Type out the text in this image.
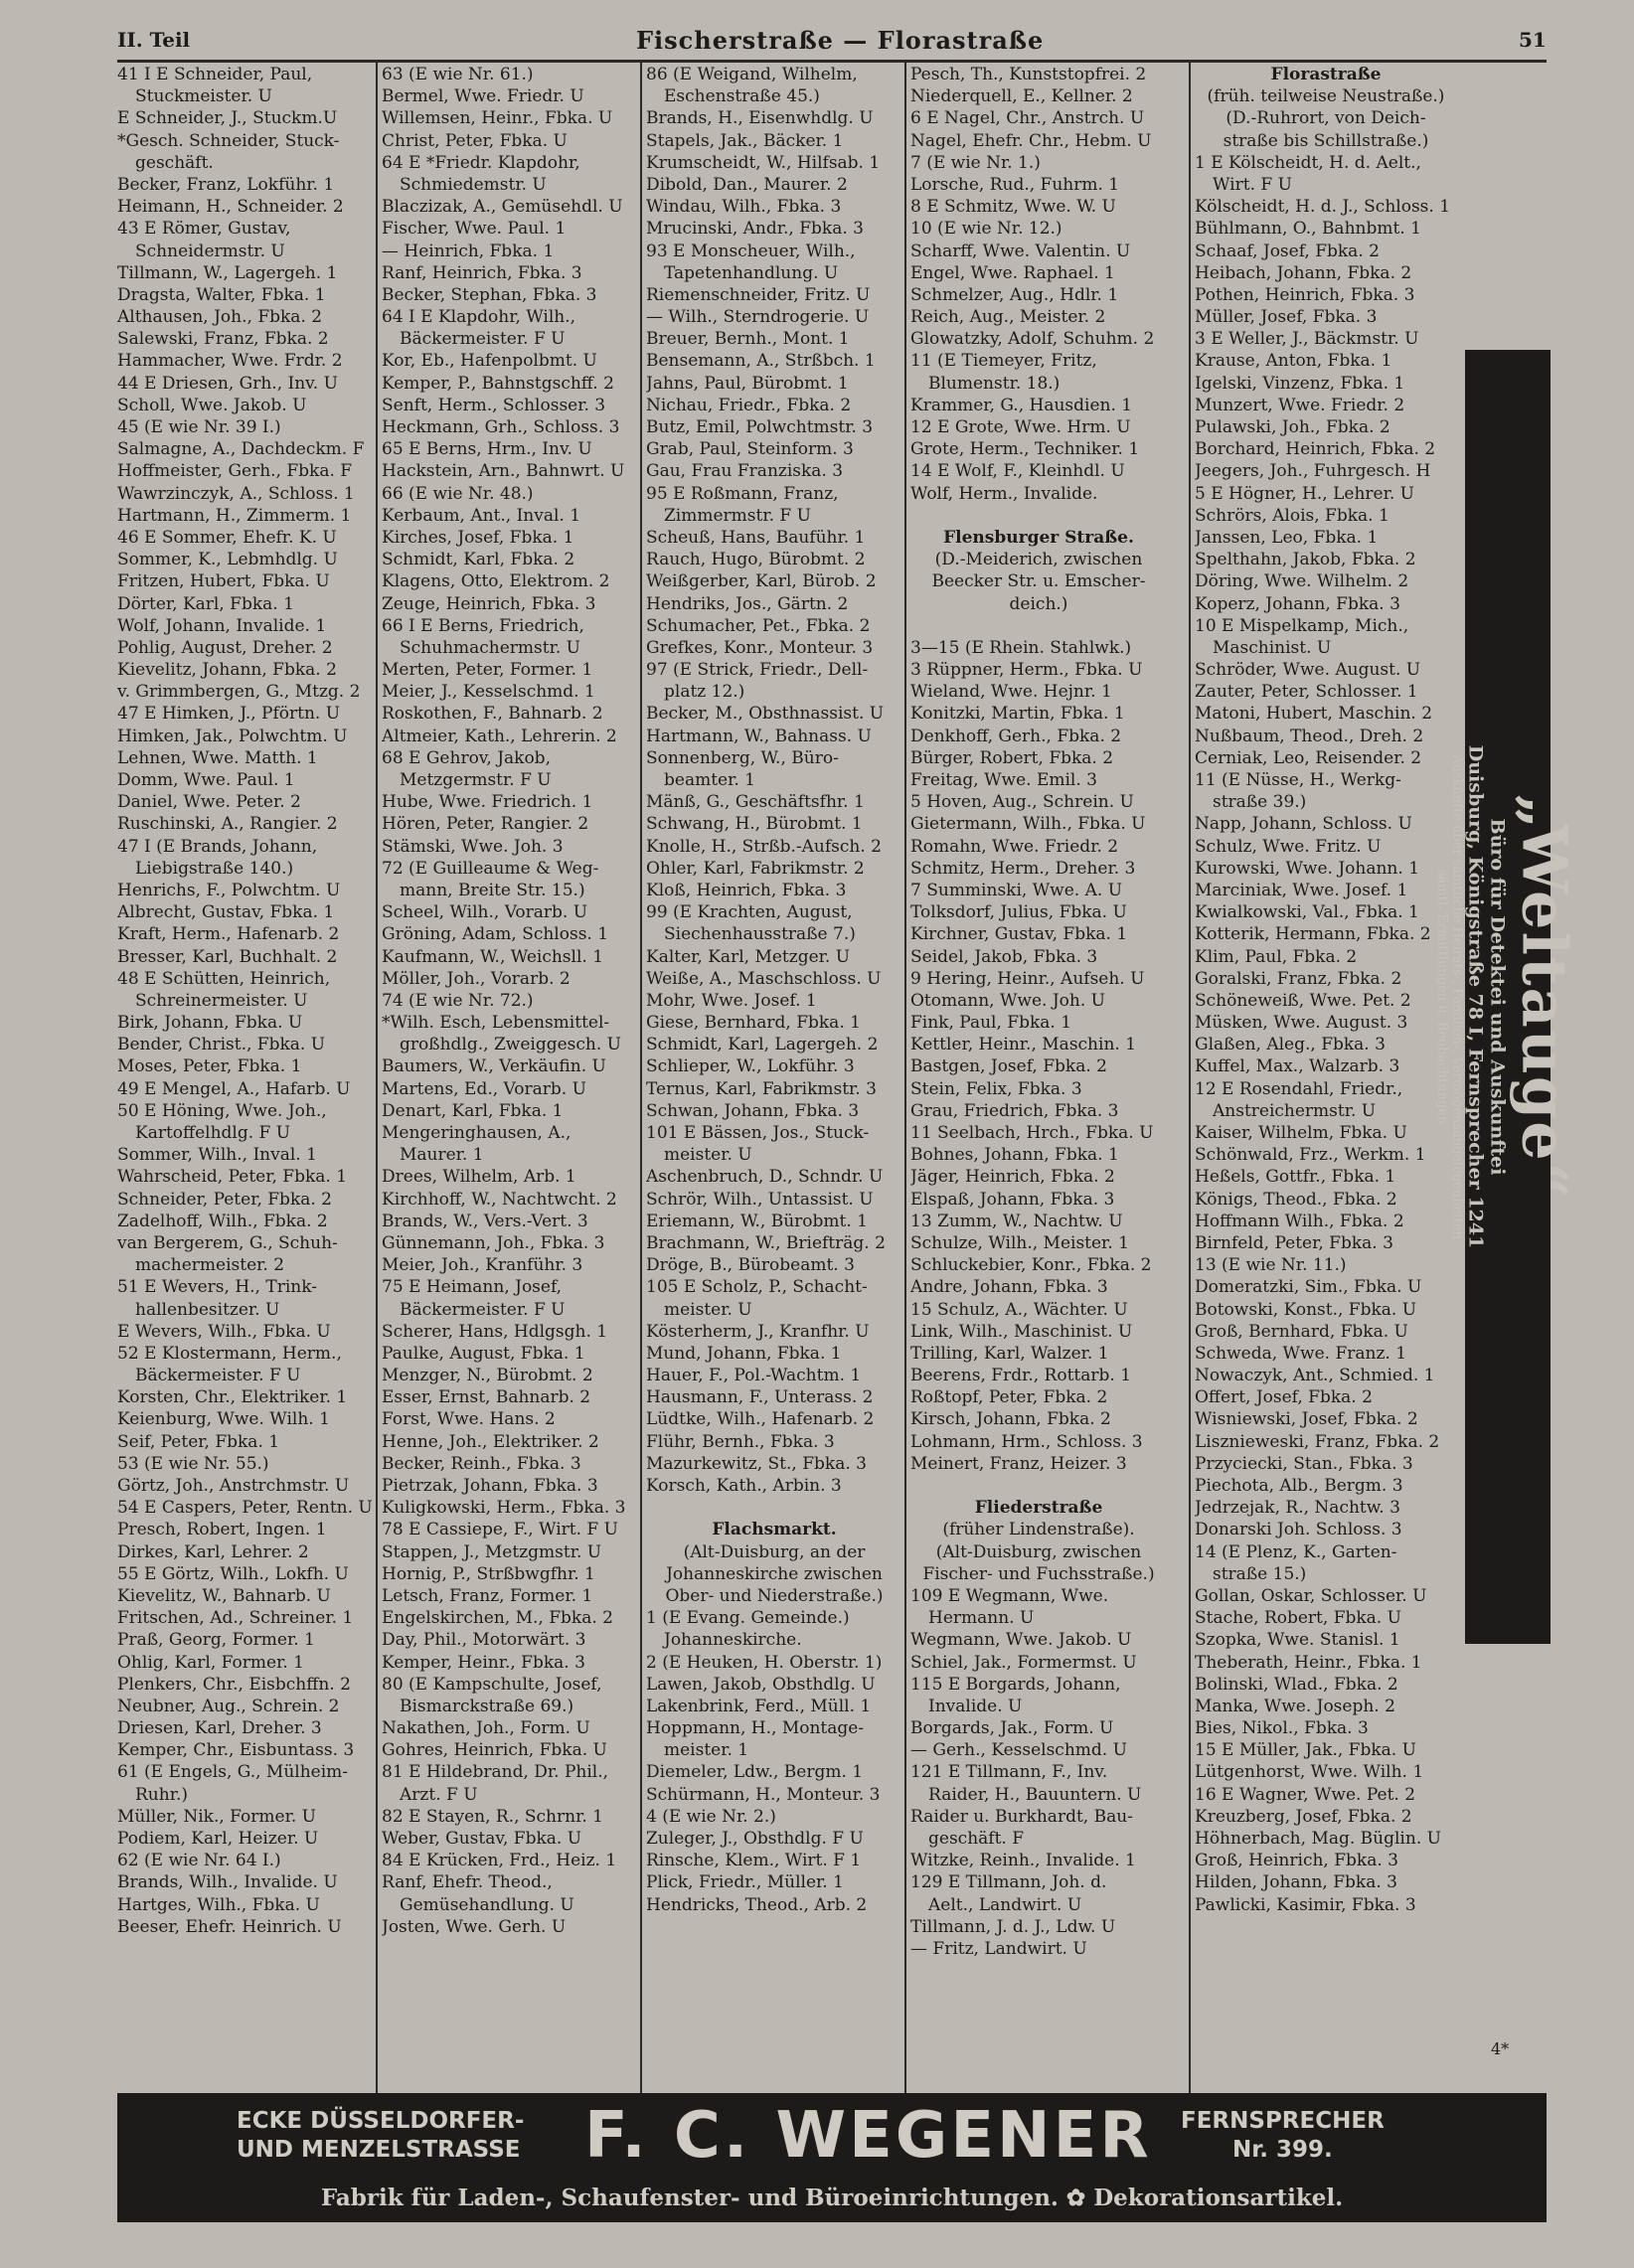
II. Teil	Fischerstraße — Florastraße	51
41 I E Schneider, Paul,
Stuckmeister. U
E Schneider, J., Stuckm.U
*Gesch. Schneider, Stuck-
geschäft.
Becker, Franz, Lokführ. 1
Heimann, H., Schneider. 2
43 E Römer, Gustav,
Schneidermstr. U
Tillmann, W., Lagergeh. 1
Dragsta, Walter, Fbka. 1
Althausen, Joh., Fbka. 2
Salewski, Franz, Fbka. 2
Hammacher, Wwe. Frdr. 2
44 E Driesen, Grh., Inv. U
Scholl, Wwe. Jakob. U
45 (E wie Nr. 39 I.)
Salmagne, A., Dachdeckm. F
Hoffmeister, Gerh., Fbka. F
Wawrzinczyk, A., Schloss. 1
Hartmann, H., Zimmerm. 1
46 E Sommer, Ehefr. K. U
Sommer, K., Lebmhdlg. U
Fritzen, Hubert, Fbka. U
Dörter, Karl, Fbka. 1
Wolf, Johann, Invalide. 1
Pohlig, August, Dreher. 2
Kievelitz, Johann, Fbka. 2
v. Grimmbergen, G., Mtzg. 2
47 E Himken, J., Pförtn. U
Himken, Jak., Polwchtm. U
Lehnen, Wwe. Matth. 1
Domm, Wwe. Paul. 1
Daniel, Wwe. Peter. 2
Ruschinski, A., Rangier. 2
47 I (E Brands, Johann,
Liebigstraße 140.)
Henrichs, F., Polwchtm. U
Albrecht, Gustav, Fbka. 1
Kraft, Herm., Hafenarb. 2
Bresser, Karl, Buchhalt. 2
48 E Schütten, Heinrich,
Schreinermeister. U
Birk, Johann, Fbka. U
Bender, Christ., Fbka. U
Moses, Peter, Fbka. 1
49 E Mengel, A., Hafarb. U
50 E Höning, Wwe. Joh.,
Kartoffelhdlg. F U
Sommer, Wilh., Inval. 1
Wahrscheid, Peter, Fbka. 1
Schneider, Peter, Fbka. 2
Zadelhoff, Wilh., Fbka. 2
van Bergerem, G., Schuh-
machermeister. 2
51 E Wevers, H., Trink-
hallenbesitzer. U
E Wevers, Wilh., Fbka. U
52 E Klostermann, Herm.,
Bäckermeister. F U
Korsten, Chr., Elektriker. 1
Keienburg, Wwe. Wilh. 1
Seif, Peter, Fbka. 1
53 (E wie Nr. 55.)
Görtz, Joh., Anstrchmstr. U
54 E Caspers, Peter, Rentn. U
Presch, Robert, Ingen. 1
Dirkes, Karl, Lehrer. 2
55 E Görtz, Wilh., Lokfh. U
Kievelitz, W., Bahnarb. U
Fritschen, Ad., Schreiner. 1
Praß, Georg, Former. 1
Ohlig, Karl, Former. 1
Plenkers, Chr., Eisbchffn. 2
Neubner, Aug., Schrein. 2
Driesen, Karl, Dreher. 3
Kemper, Chr., Eisbuntass. 3
61 (E Engels, G., Mülheim-
Ruhr.)
Müller, Nik., Former. U
Podiem, Karl, Heizer. U
62 (E wie Nr. 64 I.)
Brands, Wilh., Invalide. U
Hartges, Wilh., Fbka. U
Beeser, Ehefr. Heinrich. U
63 (E wie Nr. 61.)
Bermel, Wwe. Friedr. U
Willemsen, Heinr., Fbka. U
Christ, Peter, Fbka. U
64 E *Friedr. Klapdohr,
Schmiedemstr. U
Blaczizak, A., Gemüsehdl. U
Fischer, Wwe. Paul. 1
— Heinrich, Fbka. 1
Ranf, Heinrich, Fbka. 3
Becker, Stephan, Fbka. 3
64 I E Klapdohr, Wilh.,
Bäckermeister. F U
Kor, Eb., Hafenpolbmt. U
Kemper, P., Bahnstgschff. 2
Senft, Herm., Schlosser. 3
Heckmann, Grh., Schloss. 3
65 E Berns, Hrm., Inv. U
Hackstein, Arn., Bahnwrt. U
66 (E wie Nr. 48.)
Kerbaum, Ant., Inval. 1
Kirches, Josef, Fbka. 1
Schmidt, Karl, Fbka. 2
Klagens, Otto, Elektrom. 2
Zeuge, Heinrich, Fbka. 3
66 I E Berns, Friedrich,
Schuhmachermstr. U
Merten, Peter, Former. 1
Meier, J., Kesselschmd. 1
Roskothen, F., Bahnarb. 2
Altmeier, Kath., Lehrerin. 2
68 E Gehrov, Jakob,
Metzgermstr. F U
Hube, Wwe. Friedrich. 1
Hören, Peter, Rangier. 2
Stämski, Wwe. Joh. 3
72 (E Guilleaume & Weg-
mann, Breite Str. 15.)
Scheel, Wilh., Vorarb. U
Gröning, Adam, Schloss. 1
Kaufmann, W., Weichsll. 1
Möller, Joh., Vorarb. 2
74 (E wie Nr. 72.)
*Wilh. Esch, Lebensmittel-
großhdlg., Zweiggesch. U
Baumers, W., Verkäufin. U
Martens, Ed., Vorarb. U
Denart, Karl, Fbka. 1
Mengeringhausen, A.,
Maurer. 1
Drees, Wilhelm, Arb. 1
Kirchhoff, W., Nachtwcht. 2
Brands, W., Vers.-Vert. 3
Günnemann, Joh., Fbka. 3
Meier, Joh., Kranführ. 3
75 E Heimann, Josef,
Bäckermeister. F U
Scherer, Hans, Hdlgsgh. 1
Paulke, August, Fbka. 1
Menzger, N., Bürobmt. 2
Esser, Ernst, Bahnarb. 2
Forst, Wwe. Hans. 2
Henne, Joh., Elektriker. 2
Becker, Reinh., Fbka. 3
Pietrzak, Johann, Fbka. 3
Kuligkowski, Herm., Fbka. 3
78 E Cassiepe, F., Wirt. F U
Stappen, J., Metzgmstr. U
Hornig, P., Strßbwgfhr. 1
Letsch, Franz, Former. 1
Engelskirchen, M., Fbka. 2
Day, Phil., Motorwärt. 3
Kemper, Heinr., Fbka. 3
80 (E Kampschulte, Josef,
Bismarckstraße 69.)
Nakathen, Joh., Form. U
Gohres, Heinrich, Fbka. U
81 E Hildebrand, Dr. Phil.,
Arzt. F U
82 E Stayen, R., Schrnr. 1
Weber, Gustav, Fbka. U
84 E Krücken, Frd., Heiz. 1
Ranf, Ehefr. Theod.,
Gemüsehandlung. U
Josten, Wwe. Gerh. U
86 (E Weigand, Wilhelm,
Eschenstraße 45.)
Brands, H., Eisenwhdlg. U
Stapels, Jak., Bäcker. 1
Krumscheidt, W., Hilfsab. 1
Dibold, Dan., Maurer. 2
Windau, Wilh., Fbka. 3
Mrucinski, Andr., Fbka. 3
93 E Monscheuer, Wilh.,
Tapetenhandlung. U
Riemenschneider, Fritz. U
— Wilh., Sterndrogerie. U
Breuer, Bernh., Mont. 1
Bensemann, A., Strßbch. 1
Jahns, Paul, Bürobmt. 1
Nichau, Friedr., Fbka. 2
Butz, Emil, Polwchtmstr. 3
Grab, Paul, Steinform. 3
Gau, Frau Franziska. 3
95 E Roßmann, Franz,
Zimmermstr. F U
Scheuß, Hans, Bauführ. 1
Rauch, Hugo, Bürobmt. 2
Weißgerber, Karl, Bürob. 2
Hendriks, Jos., Gärtn. 2
Schumacher, Pet., Fbka. 2
Grefkes, Konr., Monteur. 3
97 (E Strick, Friedr., Dell-
platz 12.)
Becker, M., Obsthnassist. U
Hartmann, W., Bahnass. U
Sonnenberg, W., Büro-
beamter. 1
Mänß, G., Geschäftsfhr. 1
Schwang, H., Bürobmt. 1
Knolle, H., Strßb.-Aufsch. 2
Ohler, Karl, Fabrikmstr. 2
Kloß, Heinrich, Fbka. 3
99 (E Krachten, August,
Siechenhausstraße 7.)
Kalter, Karl, Metzger. U
Weiße, A., Maschschloss. U
Mohr, Wwe. Josef. 1
Giese, Bernhard, Fbka. 1
Schmidt, Karl, Lagergeh. 2
Schlieper, W., Lokführ. 3
Ternus, Karl, Fabrikmstr. 3
Schwan, Johann, Fbka. 3
101 E Bässen, Jos., Stuck-
meister. U
Aschenbruch, D., Schndr. U
Schrör, Wilh., Untassist. U
Eriemann, W., Bürobmt. 1
Brachmann, W., Briefträg. 2
Dröge, B., Bürobeamt. 3
105 E Scholz, P., Schacht-
meister. U
Kösterherm, J., Kranfhr. U
Mund, Johann, Fbka. 1
Hauer, F., Pol.-Wachtm. 1
Hausmann, F., Unterass. 2
Lüdtke, Wilh., Hafenarb. 2
Flühr, Bernh., Fbka. 3
Mazurkewitz, St., Fbka. 3
Korsch, Kath., Arbin. 3
Flachsmarkt.
(Alt-Duisburg, an der
Johanneskirche zwischen
Ober- und Niederstraße.)
1 (E Evang. Gemeinde.)
Johanneskirche.
2 (E Heuken, H. Oberstr. 1)
Lawen, Jakob, Obsthdlg. U
Lakenbrink, Ferd., Müll. 1
Hoppmann, H., Montage-
meister. 1
Diemeler, Ldw., Bergm. 1
Schürmann, H., Monteur. 3
4 (E wie Nr. 2.)
Zuleger, J., Obsthdlg. F U
Rinsche, Klem., Wirt. F 1
Plick, Friedr., Müller. 1
Hendricks, Theod., Arb. 2
Pesch, Th., Kunststopfrei. 2
Niederquell, E., Kellner. 2
6 E Nagel, Chr., Anstrch. U
Nagel, Ehefr. Chr., Hebm. U
7 (E wie Nr. 1.)
Lorsche, Rud., Fuhrm. 1
8 E Schmitz, Wwe. W. U
10 (E wie Nr. 12.)
Scharff, Wwe. Valentin. U
Engel, Wwe. Raphael. 1
Schmelzer, Aug., Hdlr. 1
Reich, Aug., Meister. 2
Glowatzky, Adolf, Schuhm. 2
11 (E Tiemeyer, Fritz,
Blumenstr. 18.)
Krammer, G., Hausdien. 1
12 E Grote, Wwe. Hrm. U
Grote, Herm., Techniker. 1
14 E Wolf, F., Kleinhdl. U
Wolf, Herm., Invalide.
Flensburger Straße.
(D.-Meiderich, zwischen
Beecker Str. u. Emscher-
deich.)
3—15 (E Rhein. Stahlwk.)
3 Rüppner, Herm., Fbka. U
Wieland, Wwe. Hejnr. 1
Konitzki, Martin, Fbka. 1
Denkhoff, Gerh., Fbka. 2
Bürger, Robert, Fbka. 2
Freitag, Wwe. Emil. 3
5 Hoven, Aug., Schrein. U
Gietermann, Wilh., Fbka. U
Romahn, Wwe. Friedr. 2
Schmitz, Herm., Dreher. 3
7 Summinski, Wwe. A. U
Tolksdorf, Julius, Fbka. U
Kirchner, Gustav, Fbka. 1
Seidel, Jakob, Fbka. 3
9 Hering, Heinr., Aufseh. U
Otomann, Wwe. Joh. U
Fink, Paul, Fbka. 1
Kettler, Heinr., Maschin. 1
Bastgen, Josef, Fbka. 2
Stein, Felix, Fbka. 3
Grau, Friedrich, Fbka. 3
11 Seelbach, Hrch., Fbka. U
Bohnes, Johann, Fbka. 1
Jäger, Heinrich, Fbka. 2
Elspaß, Johann, Fbka. 3
13 Zumm, W., Nachtw. U
Schulze, Wilh., Meister. 1
Schluckebier, Konr., Fbka. 2
Andre, Johann, Fbka. 3
15 Schulz, A., Wächter. U
Link, Wilh., Maschinist. U
Trilling, Karl, Walzer. 1
Beerens, Frdr., Rottarb. 1
Roßtopf, Peter, Fbka. 2
Kirsch, Johann, Fbka. 2
Lohmann, Hrm., Schloss. 3
Meinert, Franz, Heizer. 3
Fliederstraße
(früher Lindenstraße).
(Alt-Duisburg, zwischen
Fischer- und Fuchsstraße.)
109 E Wegmann, Wwe.
Hermann. U
Wegmann, Wwe. Jakob. U
Schiel, Jak., Formermst. U
115 E Borgards, Johann,
Invalide. U
Borgards, Jak., Form. U
— Gerh., Kesselschmd. U
121 E Tillmann, F., Inv.
Raider, H., Bauuntern. U
Raider u. Burkhardt, Bau-
geschäft. F
Witzke, Reinh., Invalide. 1
129 E Tillmann, Joh. d.
Aelt., Landwirt. U
Tillmann, J. d. J., Ldw. U
— Fritz, Landwirt. U
Florastraße
(früh. teilweise Neustraße.)
(D.-Ruhrort, von Deich-
straße bis Schillstraße.)
1 E Kölscheidt, H. d. Aelt.,
Wirt. F U
Kölscheidt, H. d. J., Schloss. 1
Bühlmann, O., Bahnbmt. 1
Schaaf, Josef, Fbka. 2
Heibach, Johann, Fbka. 2
Pothen, Heinrich, Fbka. 3
Müller, Josef, Fbka. 3
3 E Weller, J., Bäckmstr. U
Krause, Anton, Fbka. 1
Igelski, Vinzenz, Fbka. 1
Munzert, Wwe. Friedr. 2
Pulawski, Joh., Fbka. 2
Borchard, Heinrich, Fbka. 2
Jeegers, Joh., Fuhrgesch. H
5 E Högner, H., Lehrer. U
Schrörs, Alois, Fbka. 1
Janssen, Leo, Fbka. 1
Spelthahn, Jakob, Fbka. 2
Döring, Wwe. Wilhelm. 2
Koperz, Johann, Fbka. 3
10 E Mispelkamp, Mich.,
Maschinist. U
Schröder, Wwe. August. U
Zauter, Peter, Schlosser. 1
Matoni, Hubert, Maschin. 2
Nußbaum, Theod., Dreh. 2
Cerniak, Leo, Reisender. 2
11 (E Nüsse, H., Werkg-
straße 39.)
Napp, Johann, Schloss. U
Schulz, Wwe. Fritz. U
Kurowski, Wwe. Johann. 1
Marciniak, Wwe. Josef. 1
Kwialkowski, Val., Fbka. 1
Kotterik, Hermann, Fbka. 2
Klim, Paul, Fbka. 2
Goralski, Franz, Fbka. 2
Schöneweiß, Wwe. Pet. 2
Müsken, Wwe. August. 3
Glaßen, Aleg., Fbka. 3
Kuffel, Max., Walzarb. 3
12 E Rosendahl, Friedr.,
Anstreichermstr. U
Kaiser, Wilhelm, Fbka. U
Schönwald, Frz., Werkm. 1
Heßels, Gottfr., Fbka. 1
Königs, Theod., Fbka. 2
Hoffmann Wilh., Fbka. 2
Birnfeld, Peter, Fbka. 3
13 (E wie Nr. 11.)
Domeratzki, Sim., Fbka. U
Botowski, Konst., Fbka. U
Groß, Bernhard, Fbka. U
Schweda, Wwe. Franz. 1
Nowaczyk, Ant., Schmied. 1
Offert, Josef, Fbka. 2
Wisniewski, Josef, Fbka. 2
Lisznieweski, Franz, Fbka. 2
Przyciecki, Stan., Fbka. 3
Piechota, Alb., Bergm. 3
Jedrzejak, R., Nachtw. 3
Donarski Joh. Schloss. 3
14 (E Plenz, K., Garten-
straße 15.)
Gollan, Oskar, Schlosser. U
Stache, Robert, Fbka. U
Szopka, Wwe. Stanisl. 1
Theberath, Heinr., Fbka. 1
Bolinski, Wlad., Fbka. 2
Manka, Wwe. Joseph. 2
Bies, Nikol., Fbka. 3
15 E Müller, Jak., Fbka. U
Lütgenhorst, Wwe. Wilh. 1
16 E Wagner, Wwe. Pet. 2
Kreuzberg, Josef, Fbka. 2
Höhnerbach, Mag. Büglin. U
Groß, Heinrich, Fbka. 3
Hilden, Johann, Fbka. 3
Pawlicki, Kasimir, Fbka. 3
„Weltauge“
Büro für Detektei und Auskunftei
Duisburg, Königstraße 78 I, Fernsprecher 1241
Auskünfte über sämtliche Heirats-, Familien-, Vermögensangelegenheiten
sämtl. Ermittlungen u. Beobachtungen
4*
ECKE DÜSSELDORFER-
UND MENZELSTRASSE F. C. WEGENER FERNSPRECHER
Nr. 399.
Fabrik für Laden-, Schaufenster- und Büroeinrichtungen. ✿ Dekorationsartikel.
